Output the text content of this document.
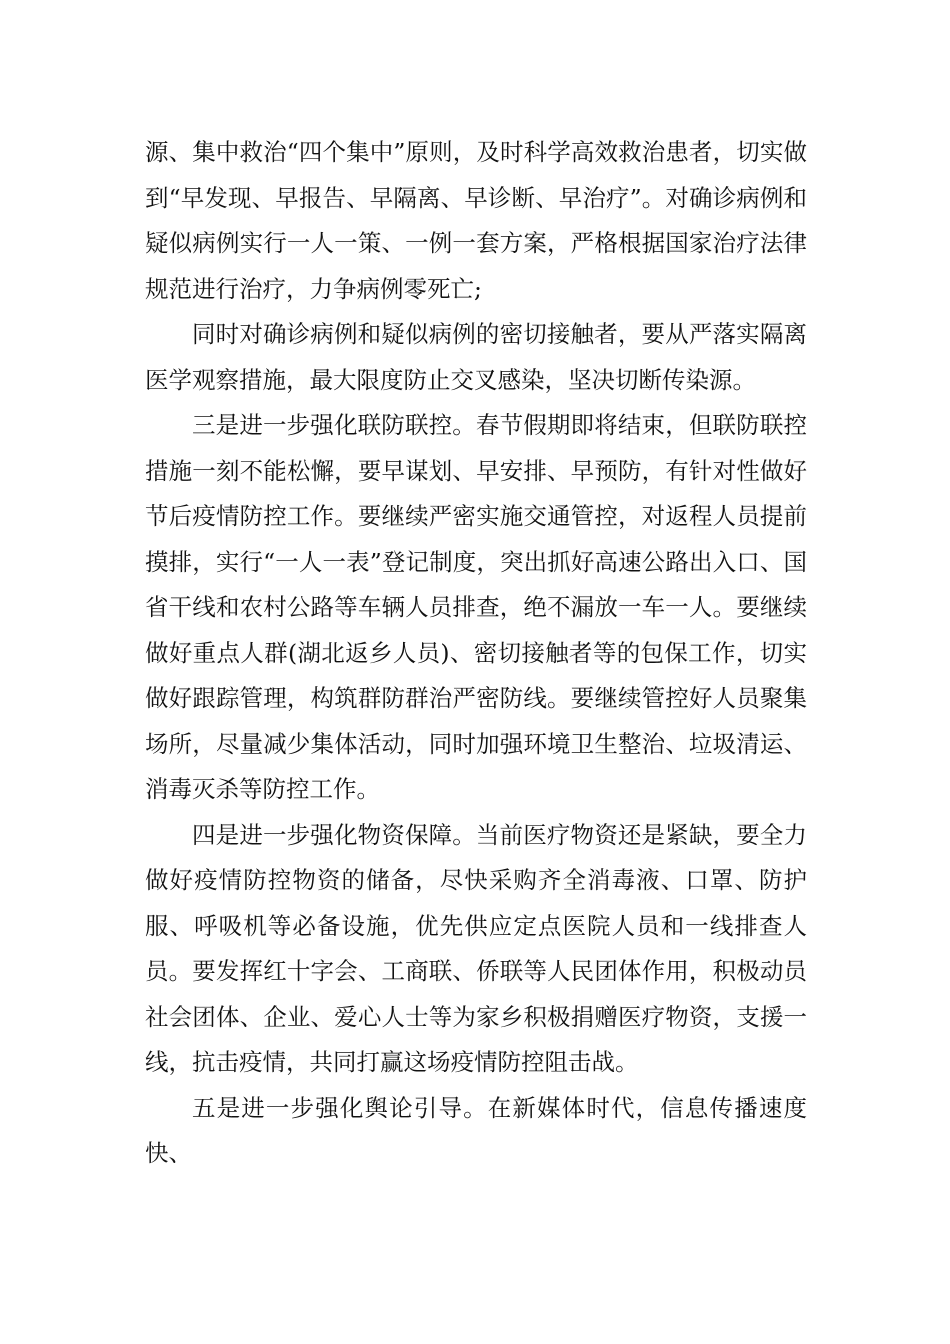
源、集中救治“四个集中”原则，及时科学高效救治患者，切实做到“早发现、早报告、早隔离、早诊断、早治疗”。对确诊病例和疑似病例实行一人一策、一例一套方案，严格根据国家治疗法律规范进行治疗，力争病例零死亡;

同时对确诊病例和疑似病例的密切接触者，要从严落实隔离医学观察措施，最大限度防止交叉感染，坚决切断传染源。

三是进一步强化联防联控。春节假期即将结束，但联防联控措施一刻不能松懈，要早谋划、早安排、早预防，有针对性做好节后疫情防控工作。要继续严密实施交通管控，对返程人员提前摸排，实行“一人一表”登记制度，突出抓好高速公路出入口、国省干线和农村公路等车辆人员排查，绝不漏放一车一人。要继续做好重点人群(湖北返乡人员)、密切接触者等的包保工作，切实做好跟踪管理，构筑群防群治严密防线。要继续管控好人员聚集场所，尽量减少集体活动，同时加强环境卫生整治、垃圾清运、消毒灭杀等防控工作。

四是进一步强化物资保障。当前医疗物资还是紧缺，要全力做好疫情防控物资的储备，尽快采购齐全消毒液、口罩、防护服、呼吸机等必备设施，优先供应定点医院人员和一线排查人员。要发挥红十字会、工商联、侨联等人民团体作用，积极动员社会团体、企业、爱心人士等为家乡积极捐赠医疗物资，支援一线，抗击疫情，共同打赢这场疫情防控阻击战。

五是进一步强化舆论引导。在新媒体时代，信息传播速度快、
